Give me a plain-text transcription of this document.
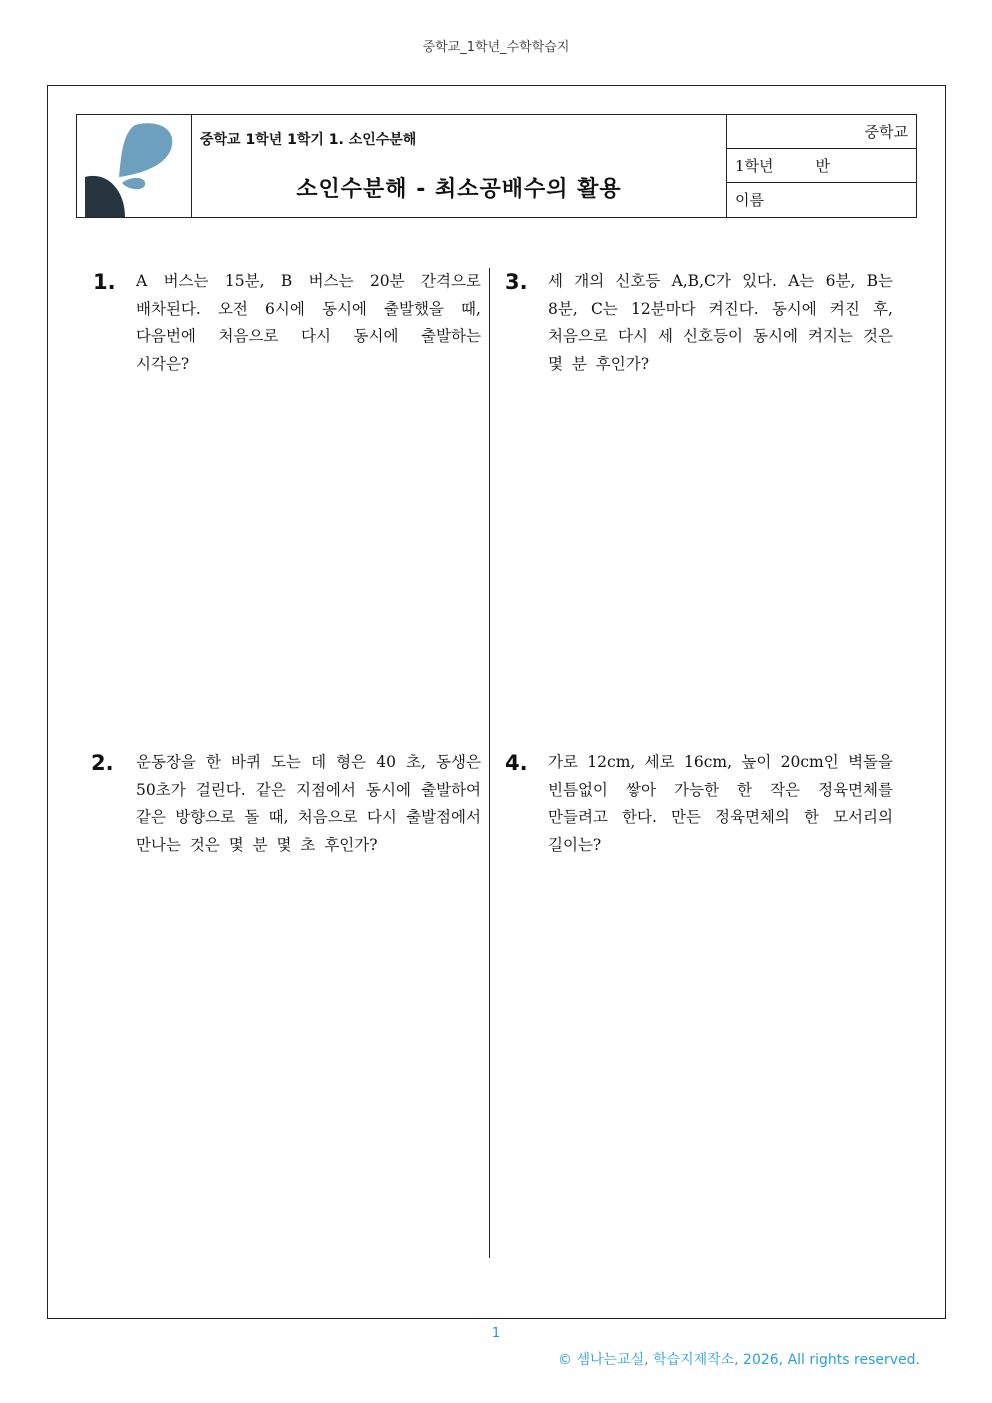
중학교_1학년_수학학습지
중학교 1학년 1학기 1. 소인수분해
소인수분해 - 최소공배수의 활용
중학교
1학년	반
이름
1. A 버스는 15분, B 버스는 20분 간격으로
배차된다. 오전 6시에 동시에 출발했을 때,
다음번에 처음으로 다시 동시에 출발하는
시각은?
2. 운동장을 한 바퀴 도는 데 형은 40 초, 동생은
50초가 걸린다. 같은 지점에서 동시에 출발하여
같은 방향으로 돌 때, 처음으로 다시 출발점에서
만나는 것은 몇 분 몇 초 후인가?
3. 세 개의 신호등 A,B,C가 있다. A는 6분, B는
8분, C는 12분마다 켜진다. 동시에 켜진 후,
처음으로 다시 세 신호등이 동시에 켜지는 것은
몇 분 후인가?
4. 가로 12cm, 세로 16cm, 높이 20cm인 벽돌을
빈틈없이 쌓아 가능한 한 작은 정육면체를
만들려고 한다. 만든 정육면체의 한 모서리의
길이는?
1
© 셈나는교실, 학습지제작소, 2026, All rights reserved.
